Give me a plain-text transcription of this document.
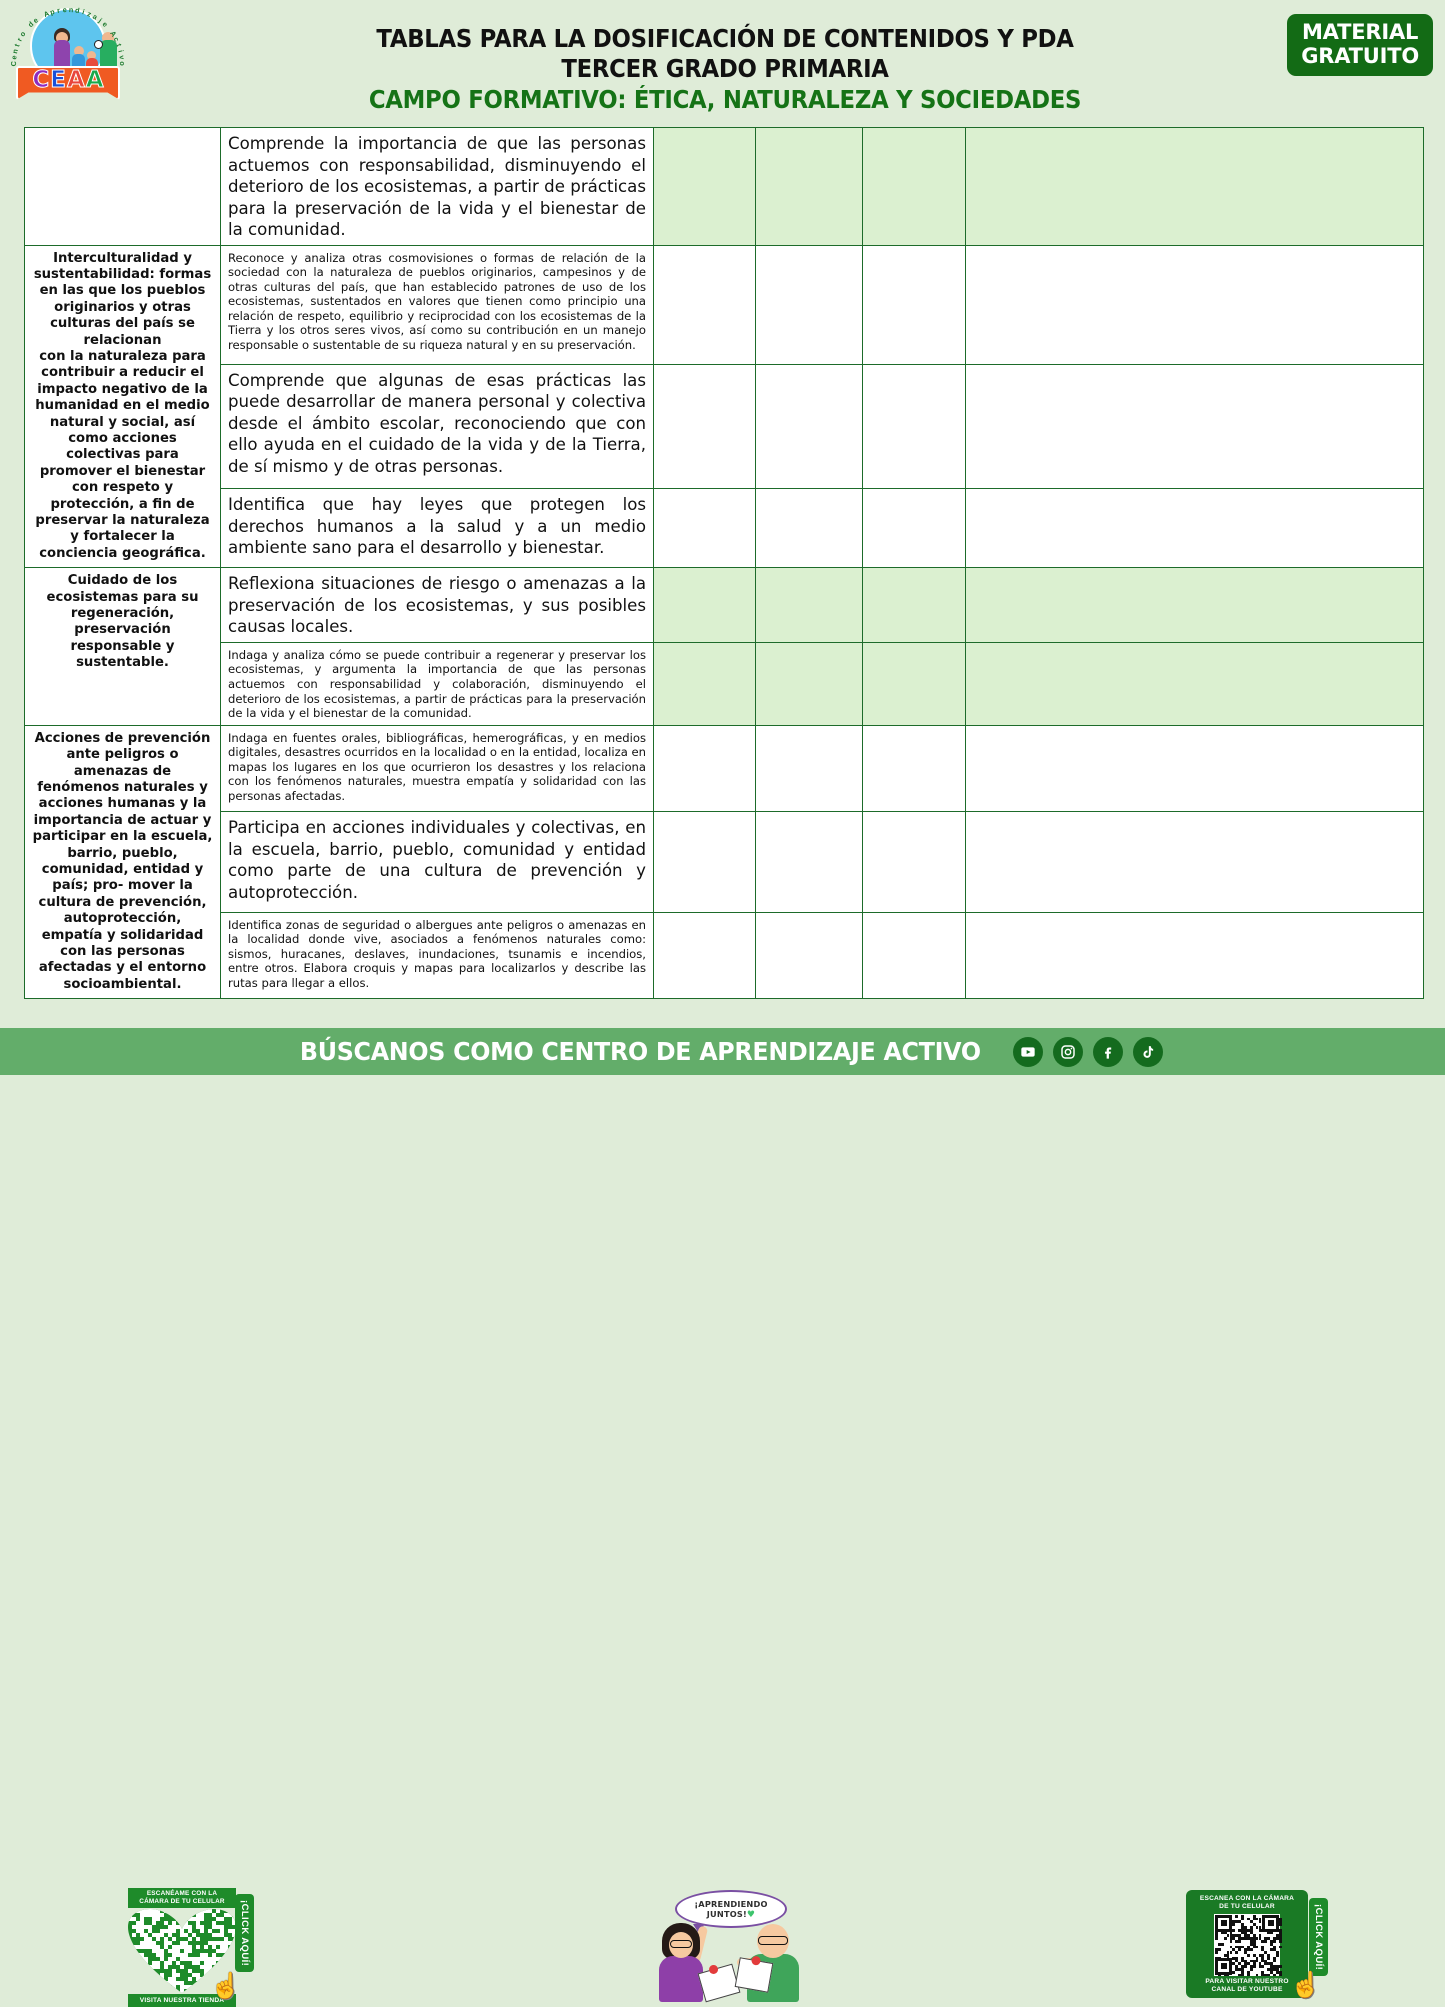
C
e
n
t
r
o

d
e

A
p r e n d i z
a
j
e

A
c
t
i
v
o
C E A A
TABLAS PARA LA DOSIFICACIÓN DE CONTENIDOS Y PDA
TERCER GRADO PRIMARIA
CAMPO FORMATIVO: ÉTICA, NATURALEZA Y SOCIEDADES
MATERIAL
GRATUITO
	Comprende la importancia de que las personas actuemos con responsabilidad, disminuyendo el deterioro de los ecosistemas, a partir de prácticas para la preservación de la vida y el bienestar de la comunidad.				
Interculturalidad y sustentabilidad: formas en las que los pueblos originarios y otras culturas del país se relacionan
con la naturaleza para contribuir a reducir el impacto negativo de la humanidad en el medio natural y social, así como acciones colectivas para promover el bienestar con respeto y protección, a fin de preservar la naturaleza y fortalecer la conciencia geográfica.	Reconoce y analiza otras cosmovisiones o formas de relación de la sociedad con la naturaleza de pueblos originarios, campesinos y de otras culturas del país, que han establecido patrones de uso de los ecosistemas, sustentados en valores que tienen como principio una relación de respeto, equilibrio y reciprocidad con los ecosistemas de la Tierra y los otros seres vivos, así como su contribución en un manejo responsable o sustentable de su riqueza natural y en su preservación.				
	Comprende que algunas de esas prácticas las puede desarrollar de manera personal y colectiva desde el ámbito escolar, reconociendo que con ello ayuda en el cuidado de la vida y de la Tierra, de sí mismo y de otras personas.				
	Identifica que hay leyes que protegen los derechos humanos a la salud y a un medio ambiente sano para el desarrollo y bienestar.				
Cuidado de los ecosistemas para su regeneración, preservación responsable y sustentable.	Reflexiona situaciones de riesgo o amenazas a la preservación de los ecosistemas, y sus posibles causas locales.				
	Indaga y analiza cómo se puede contribuir a regenerar y preservar los ecosistemas, y argumenta la importancia de que las personas actuemos con responsabilidad y colaboración, disminuyendo el deterioro de los ecosistemas, a partir de prácticas para la preservación de la vida y el bienestar de la comunidad.				
Acciones de prevención ante peligros o amenazas de fenómenos naturales y acciones humanas y la importancia de actuar y participar en la escuela, barrio, pueblo, comunidad, entidad y país; pro- mover la cultura de prevención, autoprotección, empatía y solidaridad con las personas afectadas y el entorno socioambiental.	Indaga en fuentes orales, bibliográficas, hemerográficas, y en medios digitales, desastres ocurridos en la localidad o en la entidad, localiza en mapas los lugares en los que ocurrieron los desastres y los relaciona con los fenómenos naturales, muestra empatía y solidaridad con las personas afectadas.				
	Participa en acciones individuales y colectivas, en la escuela, barrio, pueblo, comunidad y entidad como parte de una cultura de prevención y autoprotección.				
	Identifica zonas de seguridad o albergues ante peligros o amenazas en la localidad donde vive, asociados a fenómenos naturales como: sismos, huracanes, deslaves, inundaciones, tsunamis e incendios, entre otros. Elabora croquis y mapas para localizarlos y describe las rutas para llegar a ellos.				
ESCANÉAME CON LA
CÁMARA DE TU CELULAR
VISITA NUESTRA TIENDA
¡CLICK AQUÍ!
☝
¡APRENDIENDO
JUNTOS!♥
ESCANEA CON LA CÁMARA
DE TU CELULAR
PARA VISITAR NUESTRO
CANAL DE YOUTUBE
¡CLICK AQUÍ!
☝
BÚSCANOS COMO CENTRO DE APRENDIZAJE ACTIVO
